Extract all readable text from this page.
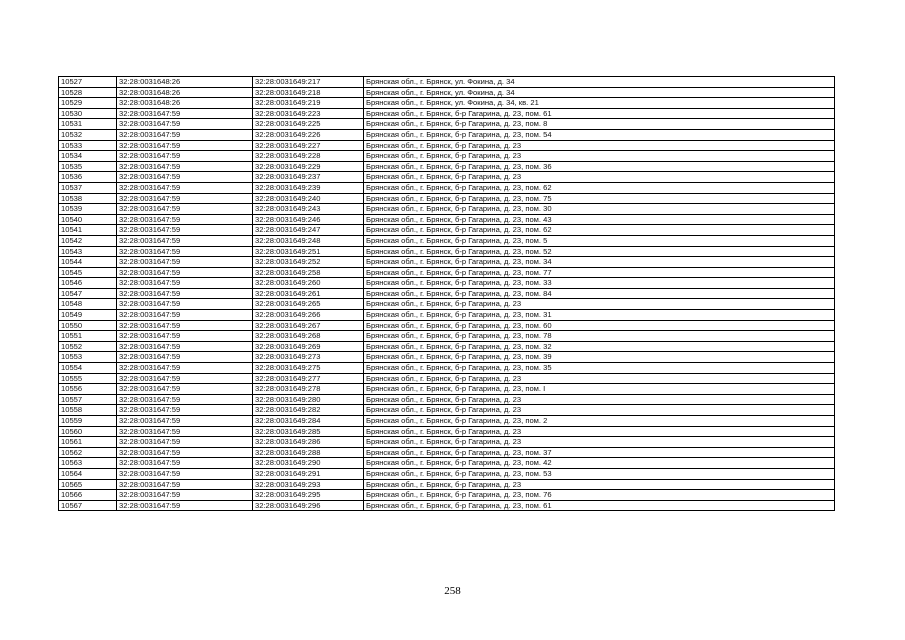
10527	32:28:0031648:26	32:28:0031649:217	Брянская обл., г. Брянск, ул. Фокина, д. 34
10528	32:28:0031648:26	32:28:0031649:218	Брянская обл., г. Брянск, ул. Фокина, д. 34
10529	32:28:0031648:26	32:28:0031649:219	Брянская обл., г. Брянск, ул. Фокина, д. 34, кв. 21
10530	32:28:0031647:59	32:28:0031649:223	Брянская обл., г. Брянск, б-р Гагарина, д. 23, пом. 61
10531	32:28:0031647:59	32:28:0031649:225	Брянская обл., г. Брянск, б-р Гагарина, д. 23, пом. 8
10532	32:28:0031647:59	32:28:0031649:226	Брянская обл., г. Брянск, б-р Гагарина, д. 23, пом. 54
10533	32:28:0031647:59	32:28:0031649:227	Брянская обл., г. Брянск, б-р Гагарина, д. 23
10534	32:28:0031647:59	32:28:0031649:228	Брянская обл., г. Брянск, б-р Гагарина, д. 23
10535	32:28:0031647:59	32:28:0031649:229	Брянская обл., г. Брянск, б-р Гагарина, д. 23, пом. 36
10536	32:28:0031647:59	32:28:0031649:237	Брянская обл., г. Брянск, б-р Гагарина, д. 23
10537	32:28:0031647:59	32:28:0031649:239	Брянская обл., г. Брянск, б-р Гагарина, д. 23, пом. 62
10538	32:28:0031647:59	32:28:0031649:240	Брянская обл., г. Брянск, б-р Гагарина, д. 23, пом. 75
10539	32:28:0031647:59	32:28:0031649:243	Брянская обл., г. Брянск, б-р Гагарина, д. 23, пом. 30
10540	32:28:0031647:59	32:28:0031649:246	Брянская обл., г. Брянск, б-р Гагарина, д. 23, пом. 43
10541	32:28:0031647:59	32:28:0031649:247	Брянская обл., г. Брянск, б-р Гагарина, д. 23, пом. 62
10542	32:28:0031647:59	32:28:0031649:248	Брянская обл., г. Брянск, б-р Гагарина, д. 23, пом. 5
10543	32:28:0031647:59	32:28:0031649:251	Брянская обл., г. Брянск, б-р Гагарина, д. 23, пом. 52
10544	32:28:0031647:59	32:28:0031649:252	Брянская обл., г. Брянск, б-р Гагарина, д. 23, пом. 34
10545	32:28:0031647:59	32:28:0031649:258	Брянская обл., г. Брянск, б-р Гагарина, д. 23, пом. 77
10546	32:28:0031647:59	32:28:0031649:260	Брянская обл., г. Брянск, б-р Гагарина, д. 23, пом. 33
10547	32:28:0031647:59	32:28:0031649:261	Брянская обл., г. Брянск, б-р Гагарина, д. 23, пом. 84
10548	32:28:0031647:59	32:28:0031649:265	Брянская обл., г. Брянск, б-р Гагарина, д. 23
10549	32:28:0031647:59	32:28:0031649:266	Брянская обл., г. Брянск, б-р Гагарина, д. 23, пом. 31
10550	32:28:0031647:59	32:28:0031649:267	Брянская обл., г. Брянск, б-р Гагарина, д. 23, пом. 60
10551	32:28:0031647:59	32:28:0031649:268	Брянская обл., г. Брянск, б-р Гагарина, д. 23, пом. 78
10552	32:28:0031647:59	32:28:0031649:269	Брянская обл., г. Брянск, б-р Гагарина, д. 23, пом. 32
10553	32:28:0031647:59	32:28:0031649:273	Брянская обл., г. Брянск, б-р Гагарина, д. 23, пом. 39
10554	32:28:0031647:59	32:28:0031649:275	Брянская обл., г. Брянск, б-р Гагарина, д. 23, пом. 35
10555	32:28:0031647:59	32:28:0031649:277	Брянская обл., г. Брянск, б-р Гагарина, д. 23
10556	32:28:0031647:59	32:28:0031649:278	Брянская обл., г. Брянск, б-р Гагарина, д. 23, пом. I
10557	32:28:0031647:59	32:28:0031649:280	Брянская обл., г. Брянск, б-р Гагарина, д. 23
10558	32:28:0031647:59	32:28:0031649:282	Брянская обл., г. Брянск, б-р Гагарина, д. 23
10559	32:28:0031647:59	32:28:0031649:284	Брянская обл., г. Брянск, б-р Гагарина, д. 23, пом. 2
10560	32:28:0031647:59	32:28:0031649:285	Брянская обл., г. Брянск, б-р Гагарина, д. 23
10561	32:28:0031647:59	32:28:0031649:286	Брянская обл., г. Брянск, б-р Гагарина, д. 23
10562	32:28:0031647:59	32:28:0031649:288	Брянская обл., г. Брянск, б-р Гагарина, д. 23, пом. 37
10563	32:28:0031647:59	32:28:0031649:290	Брянская обл., г. Брянск, б-р Гагарина, д. 23, пом. 42
10564	32:28:0031647:59	32:28:0031649:291	Брянская обл., г. Брянск, б-р Гагарина, д. 23, пом. 53
10565	32:28:0031647:59	32:28:0031649:293	Брянская обл., г. Брянск, б-р Гагарина, д. 23
10566	32:28:0031647:59	32:28:0031649:295	Брянская обл., г. Брянск, б-р Гагарина, д. 23, пом. 76
10567	32:28:0031647:59	32:28:0031649:296	Брянская обл., г. Брянск, б-р Гагарина, д. 23, пом. 61
258
